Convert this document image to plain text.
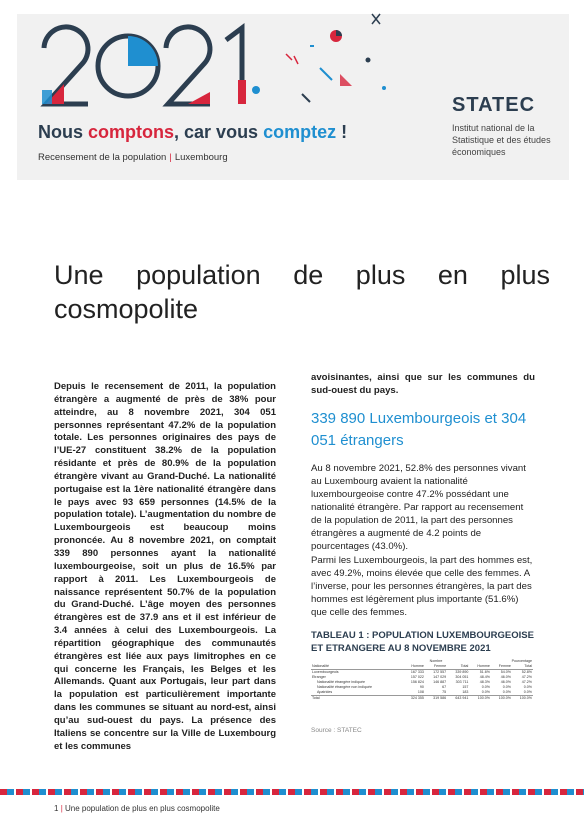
Nous comptons, car vous comptez !
Recensement de la population | Luxembourg
STATEC
Institut national de la Statistique et des études économiques
Une population de plus en plus cosmopolite
Depuis le recensement de 2011, la population étrangère a augmenté de près de 38% pour atteindre, au 8 novembre 2021, 304 051 personnes représentant 47.2% de la population totale. Les personnes originaires des pays de l’UE-27 constituent 38.2% de la population résidante et près de 80.9% de la population étrangère vivant au Grand-Duché. La nationalité portugaise est la 1ère nationalité étrangère dans le pays avec 93 659 personnes (14.5% de la population totale). L’augmentation du nombre de Luxembourgeois est beaucoup moins prononcée. Au 8 novembre 2021, on comptait 339 890 personnes ayant la nationalité luxembourgeoise, soit un plus de 16.5% par rapport à 2011. Les Luxembourgeois de naissance représentent 50.7% de la population du Grand-Duché. L’âge moyen des personnes étrangères est de 37.9 ans et il est inférieur de 3.4 années à celui des Luxembourgeois. La répartition géographique des communautés étrangères est liée aux pays limitrophes en ce qui concerne les Français, les Belges et les Allemands. Quant aux Portugais, leur part dans la population est particulièrement importante dans les communes se situant au nord-est, ainsi qu’au sud-ouest du pays. La présence des Italiens se concentre sur la Ville de Luxembourg et les communes
avoisinantes, ainsi que sur les communes du sud-ouest du pays.
339 890 Luxembourgeois et 304 051 étrangers
Au 8 novembre 2021, 52.8% des personnes vivant au Luxembourg avaient la nationalité luxembourgeoise contre 47.2% possédant une nationalité étrangère. Par rapport au recensement de la population de 2011, la part des personnes étrangères a augmenté de 4.2 points de pourcentages (43.0%).
Parmi les Luxembourgeois, la part des hommes est, avec 49.2%, moins élevée que celle des femmes. A l’inverse, pour les personnes étrangères, la part des hommes est légèrement plus importante (51.6%) que celle des femmes.
TABLEAU 1 : POPULATION LUXEMBOURGEOISE ET ETRANGERE AU 8 NOVEMBRE 2021
	Nombre			Pourcentage		
Nationalité	Homme	Femme	Total	Homme	Femme	Total
Luxembourgeois	167 333	172 557	339 890	51.6%	54.0%	52.8%
Etranger	157 022	147 029	304 051	48.4%	46.0%	47.2%
Nationalité étrangère indiquée	156 824	146 887	303 711	48.3%	46.0%	47.2%
Nationalité étrangère non indiquée	90	67	157	0.0%	0.0%	0.0%
Apatrides	108	75	183	0.0%	0.0%	0.0%
Total	324 355	319 586	643 941	100.0%	100.0%	100.0%
Source : STATEC
1 | Une population de plus en plus cosmopolite
